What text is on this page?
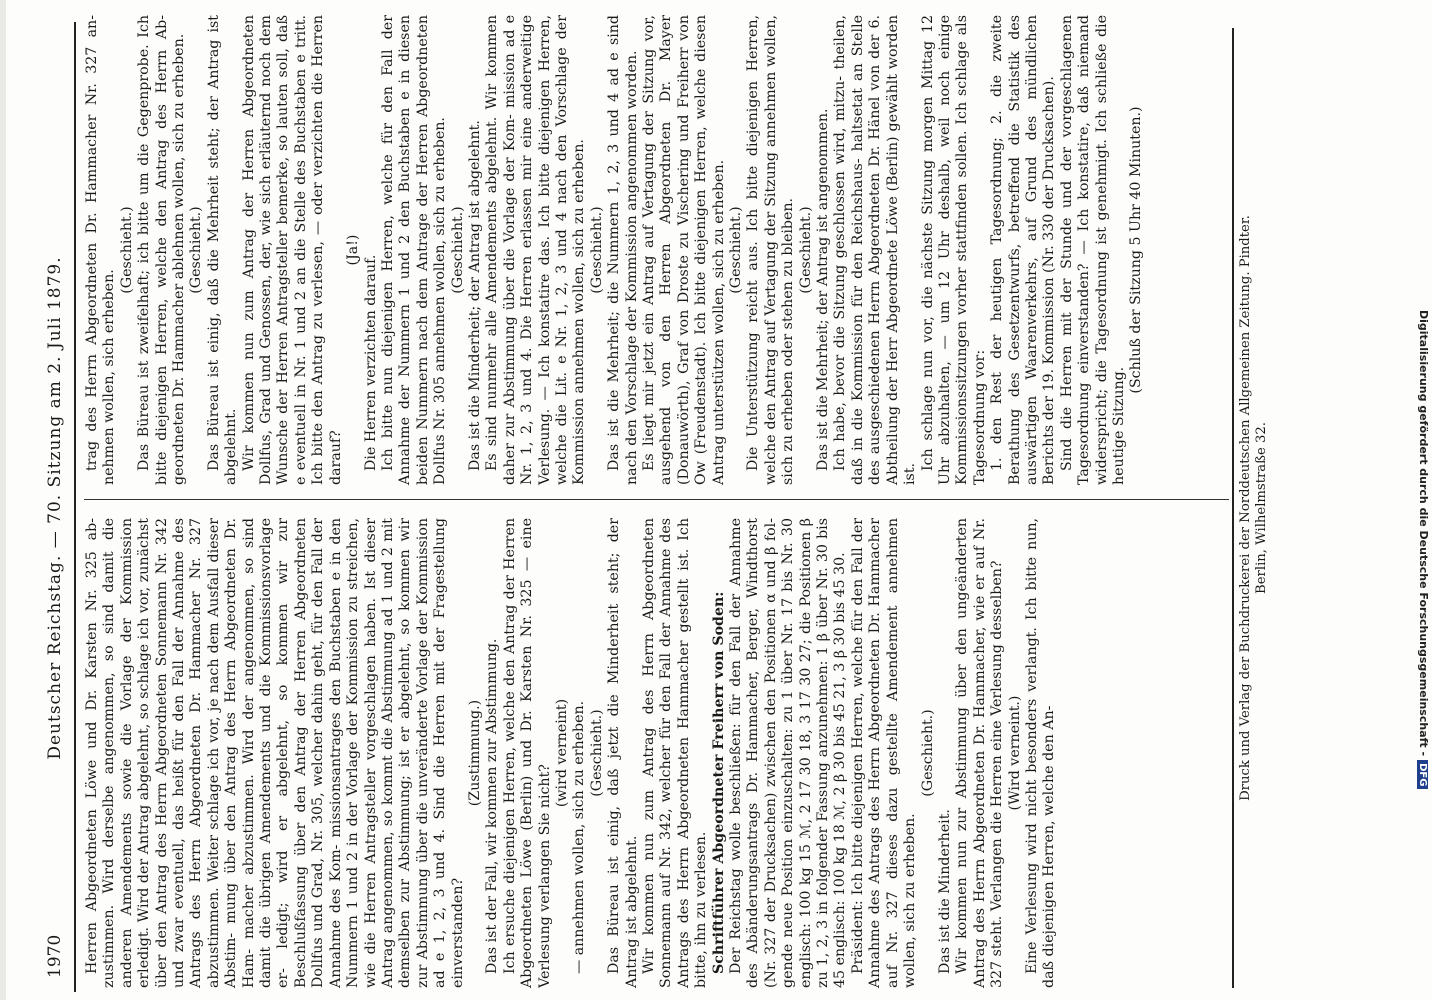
1970
Deutscher Reichstag. — 70. Sitzung am 2. Juli 1879. Herren Abgeordneten Löwe und Dr. Karsten Nr. 325 ab- zustimmen. Wird derselbe angenommen, so sind damit die anderen Amendements sowie die Vorlage der Kommission erledigt. Wird der Antrag abgelehnt, so schlage ich vor, zunächst über den Antrag des Herrn Abgeordneten Sonnemann Nr. 342 und zwar eventuell, das heißt für den Fall der Annahme des Antrags des Herrn Abgeordneten Dr. Hammacher Nr. 327 abzustimmen. Weiter schlage ich vor, je nach dem Ausfall dieser Abstim- mung über den Antrag des Herrn Abgeordneten Dr. Ham- macher abzustimmen. Wird der angenommen, so sind damit die übrigen Amendements und die Kommissionsvorlage er- ledigt; wird er abgelehnt, so kommen wir zur Beschlußfassung über den Antrag der Herren Abgeordneten Dollfus und Grad, Nr. 305, welcher dahin geht, für den Fall der Annahme des Kom- missionsantrages den Buchstaben e in den Nummern 1 und 2 in der Vorlage der Kommission zu streichen, wie die Herren Antragsteller vorgeschlagen haben. Ist dieser Antrag angenommen, so kommt die Abstimmung ad 1 und 2 mit demselben zur Abstimmung; ist er abgelehnt, so kommen wir zur Abstimmung über die unveränderte Vorlage der Kommission ad e 1, 2, 3 und 4. Sind die Herren mit der Fragestellung einverstanden?

(Zustimmung.) Das ist der Fall, wir kommen zur Abstimmung. Ich ersuche diejenigen Herren, welche den Antrag der Herren Abgeordneten Löwe (Berlin) und Dr. Karsten Nr. 325 — eine Verlesung verlangen Sie nicht?

(wird verneint) — annehmen wollen, sich zu erheben. (Geschieht.) Das Büreau ist einig, daß jetzt die Minderheit steht; der Antrag ist abgelehnt. Wir kommen nun zum Antrag des Herrn Abgeordneten Sonnemann auf Nr. 342, welcher für den Fall der Annahme des Antrags des Herrn Abgeordneten Hammacher gestellt ist. Ich bitte, ihn zu verlesen. Schriftführer Abgeordneter Freiherr von Soden: Der Reichstag wolle beschließen: für den Fall der Annahme des Abänderungsantrags Dr. Hammacher, Berger, Windthorst (Nr. 327 der Drucksachen) zwischen den Positionen α und β fol- gende neue Position einzuschalten: zu 1 über Nr. 17 bis Nr. 30 englisch: 100 kg 15 ℳ, 2 17 30 18, 3 17 30 27; die Positionen β zu 1, 2, 3 in folgender Fassung anzunehmen: 1 β über Nr. 30 bis 45 englisch: 100 kg 18 ℳ, 2 β 30 bis 45 21, 3 β 30 bis 45 30. Präsident: Ich bitte diejenigen Herren, welche für den Fall der Annahme des Antrags des Herrn Abgeordneten Dr. Hammacher auf Nr. 327 dieses dazu gestellte Amendement annehmen wollen, sich zu erheben.

(Geschieht.)

Das ist die Minderheit. Wir kommen nun zur Abstimmung über den ungeänderten Antrag des Herrn Abgeordneten Dr. Hammacher, wie er auf Nr. 327 steht. Verlangen die Herren eine Verlesung desselben? (Wird verneint.) Eine Verlesung wird nicht besonders verlangt. Ich bitte nun, daß diejenigen Herren, welche den An-

trag des Herrn Abgeordneten Dr. Hammacher Nr. 327 an- nehmen wollen, sich erheben.

(Geschieht.) Das Büreau ist zweifelhaft; ich bitte um die Gegenprobe. Ich bitte diejenigen Herren, welche den Antrag des Herrn Ab- geordneten Dr. Hammacher ablehnen wollen, sich zu erheben. (Geschieht.) Das Büreau ist einig, daß die Mehrheit steht; der Antrag ist abgelehnt. Wir kommen nun zum Antrag der Herren Abgeordneten Dollfus, Grad und Genossen, der, wie sich erläuternd noch dem Wunsche der Herren Antragsteller bemerke, so lauten soll, daß e eventuell in Nr. 1 und 2 an die Stelle des Buchstaben e tritt. Ich bitte den Antrag zu verlesen, — oder verzichten die Herren darauf?

(Ja!)

Die Herren verzichten darauf. Ich bitte nun diejenigen Herren, welche für den Fall der Annahme der Nummern 1 und 2 den Buchstaben e in diesen beiden Nummern nach dem Antrage der Herren Abgeordneten Dollfus Nr. 305 annehmen wollen, sich zu erheben. (Geschieht.) Das ist die Minderheit; der Antrag ist abgelehnt. Es sind nunmehr alle Amendements abgelehnt. Wir kommen daher zur Abstimmung über die Vorlage der Kom- mission ad e Nr. 1, 2, 3 und 4. Die Herren erlassen mir eine anderweitige Verlesung. — Ich konstatire das. Ich bitte diejenigen Herren, welche die Lit. e Nr. 1, 2, 3 und 4 nach den Vorschlage der Kommission annehmen wollen, sich zu erheben. (Geschieht.) Das ist die Mehrheit; die Nummern 1, 2, 3 und 4 ad e sind nach den Vorschlage der Kommission angenommen worden. Es liegt mir jetzt ein Antrag auf Vertagung der Sitzung vor, ausgehend von den Herren Abgeordneten Dr. Mayer (Donauwörth), Graf von Droste zu Vischering und Freiherr von Ow (Freudenstadt). Ich bitte diejenigen Herren, welche diesen Antrag unterstützen wollen, sich zu erheben. (Geschieht.) Die Unterstützung reicht aus. Ich bitte diejenigen Herren, welche den Antrag auf Vertagung der Sitzung annehmen wollen, sich zu erheben oder stehen zu bleiben. (Geschieht.) Das ist die Mehrheit; der Antrag ist angenommen. Ich habe, bevor die Sitzung geschlossen wird, mitzu- theilen, daß in die Kommission für den Reichshaus- haltsetat an Stelle des ausgeschiedenen Herrn Abgeordneten Dr. Hänel von der 6. Abtheilung der Herr Abgeordnete Löwe (Berlin) gewählt worden ist.

Ich schlage nun vor, die nächste Sitzung morgen Mittag 12 Uhr abzuhalten, — um 12 Uhr deshalb, weil noch einige Kommissionssitzungen vorher stattfinden sollen. Ich schlage als Tagesordnung vor: 1. den Rest der heutigen Tagesordnung; 2. die zweite Berathung des Gesetzentwurfs, betreffend die Statistik des auswärtigen Waarenverkehrs, auf Grund des mündlichen Berichts der 19. Kommission (Nr. 330 der Drucksachen). Sind die Herren mit der Stunde und der vorgeschlagenen Tagesordnung einverstanden? — Ich konstatire, daß niemand widerspricht; die Tagesordnung ist genehmigt. Ich schließe die heutige Sitzung.

(Schluß der Sitzung 5 Uhr 40 Minuten.)	Druck und Verlag der Buchdruckerei der Norddeutschen Allgemeinen Zeitung. Pindter. Berlin, Wilhelmstraße 32.	Digitalisierung gefördert durch die Deutsche Forschungsgemeinschaft -DFG
